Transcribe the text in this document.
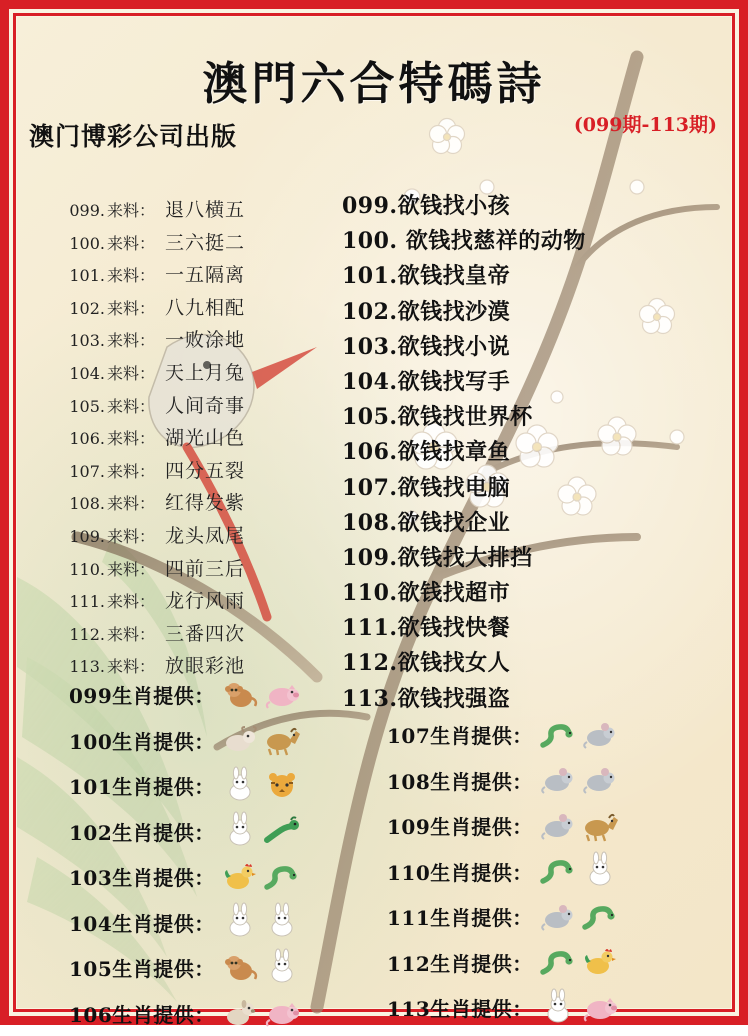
澳門六合特碼詩
澳门博彩公司出版	(099期-113期)
099. 来料： 退八横五
100. 来料： 三六挺二
101. 来料： 一五隔离
102. 来料： 八九相配
103. 来料： 一败涂地
104. 来料： 天上月兔
105. 来料： 人间奇事
106. 来料： 湖光山色
107. 来料： 四分五裂
108. 来料： 红得发紫
109. 来料： 龙头凤尾
110. 来料： 四前三后
111. 来料： 龙行风雨
112. 来料： 三番四次
113. 来料： 放眼彩池
099.欲钱找小孩
100. 欲钱找慈祥的动物
101.欲钱找皇帝
102.欲钱找沙漠
103.欲钱找小说
104.欲钱找写手
105.欲钱找世界杯
106.欲钱找章鱼
107.欲钱找电脑
108.欲钱找企业
109.欲钱找大排挡
110.欲钱找超市
111.欲钱找快餐
112.欲钱找女人
113.欲钱找强盗
099生肖提供：
100生肖提供：
101生肖提供：
102生肖提供：
103生肖提供：
104生肖提供：
105生肖提供：
106生肖提供：
107生肖提供：
108生肖提供：
109生肖提供：
110生肖提供：
111生肖提供：
112生肖提供：
113生肖提供：
